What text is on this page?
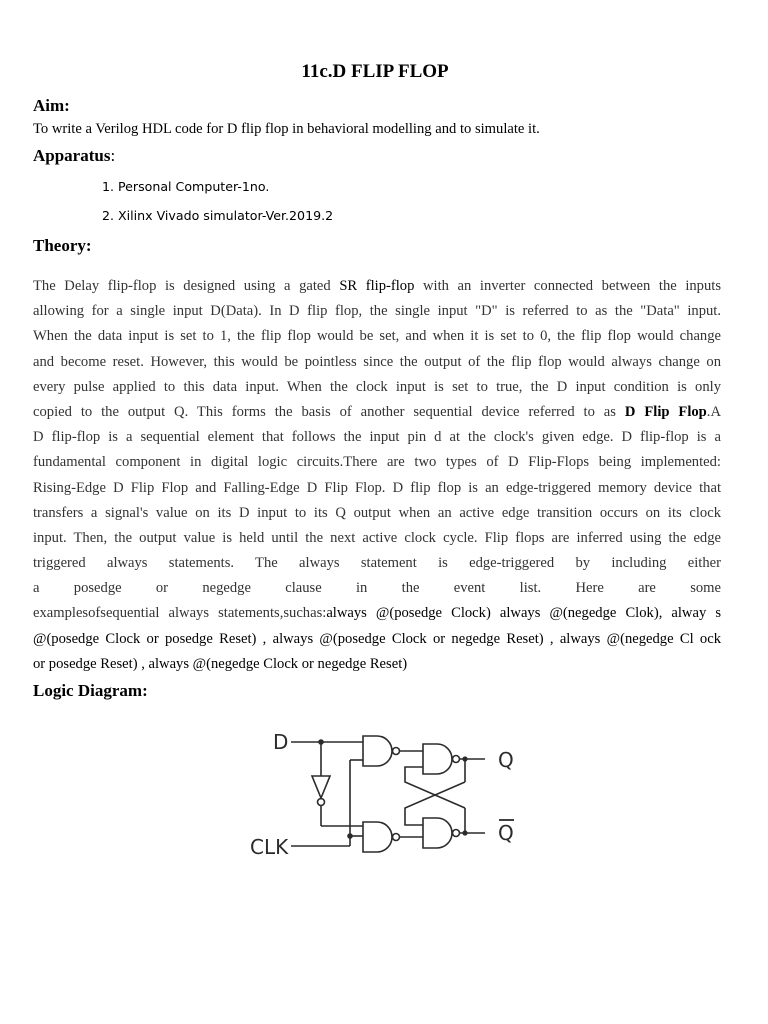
11c.D FLIP FLOP
Aim:
To write a Verilog HDL code for D flip flop in behavioral modelling and to simulate it.
Apparatus:
1. Personal Computer-1no.
2. Xilinx Vivado simulator-Ver.2019.2
Theory:
The Delay flip-flop is designed using a gated SR flip-flop with an inverter connected between the inputs
allowing for a single input D(Data). In D flip flop, the single input "D" is referred to as the "Data" input.
When the data input is set to 1, the flip flop would be set, and when it is set to 0, the flip flop would change
and become reset. However, this would be pointless since the output of the flip flop would always change on
every pulse applied to this data input. When the clock input is set to true, the D input condition is only
copied to the output Q. This forms the basis of another sequential device referred to as D Flip Flop.A
D flip-flop is a sequential element that follows the input pin d at the clock's given edge. D flip-flop is a
fundamental component in digital logic circuits.There are two types of D Flip-Flops being implemented:
Rising-Edge D Flip Flop and Falling-Edge D Flip Flop. D flip flop is an edge-triggered memory device that
transfers a signal's value on its D input to its Q output when an active edge transition occurs on its clock
input. Then, the output value is held until the next active clock cycle. Flip flops are inferred using the edge
triggered always statements. The always statement is edge-triggered by including either
a posedge or negedge clause in the event list. Here are some
examplesofsequential always statements,suchas:always @(posedge Clock) always @(negedge Clok), alway s
@(posedge Clock or posedge Reset) , always @(posedge Clock or negedge Reset) , always @(negedge Cl ock
or posedge Reset) , always @(negedge Clock or negedge Reset)
Logic Diagram:
D
CLK
Q
Q
